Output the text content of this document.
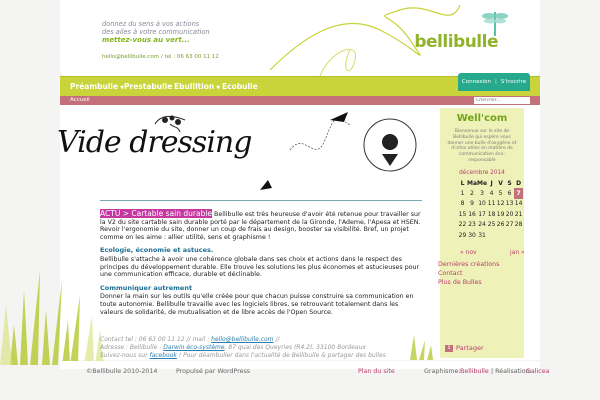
donnez du sens à vos actions
des ailes à votre communication
mettez-vous au vert...
hello@bellibulle.com / tel : 06 63 00 11 12
bellibulle
Préambulle ▼ Prestabulle Ebullition ▼ Ecobulle	Connexion | S'inscrire
Accueil
Chercher...
Vide dressing

ACTU > Cartable sain durable Bellibulle est très heureuse d'avoir été retenue pour travailler sur la V2 du site cartable sain durable porté par le département de la Gironde, l'Ademe, l'Apesa et HSEN. Revoir l'ergonomie du site, donner un coup de frais au design, booster sa visibilité. Bref, un projet comme on les aime : allier utilité, sens et graphisme !

Ecologie, économie et astuces.

Bellibulle s'attache à avoir une cohérence globale dans ses choix et actions dans le respect des principes du développement durable. Elle trouve les solutions les plus économes et astucieuses pour une communication efficace, durable et déclinable.

Communiquer autrement

Donner la main sur les outils qu'elle créée pour que chacun puisse construire sa communication en toute autonomie. Bellibulle travaille avec les logiciels libres, se retrouvant totalement dans les valeurs de solidarité, de mutualisation et de libre accès de l'Open Source.

Contact tel : 06 63 00 11 12 // mail : hello@bellibulle.com //
Adresse : Bellibulle - Darwin éco-système, 87 quai des Queyries (R4.2), 33100 Bordeaux
Suivez-nous sur facebook ! Pour déambuller dans l'actualité de Bellibulle & partager des bulles
Well'com
Bienvenue sur le site de Bellibulle qui espère vous donner une bulle d'oxygène et d'infos utiles en matière de communication éco-responsable
décembre 2014
L	Ma	Me	J	V	S	D
1	2	3	4	5	6	7
8	9	10	11	12	13	14
15	16	17	18	19	20	21
22	23	24	25	26	27	28
29	30	31				
« nov	jan »
Dernières créations
Contact
Plus de Bulles
↕ Partager
©Bellibulle 2010-2014	Propulsé par WordPress	Plan du site	Graphisme: Bellibulle | Réalisation:
Galicea
